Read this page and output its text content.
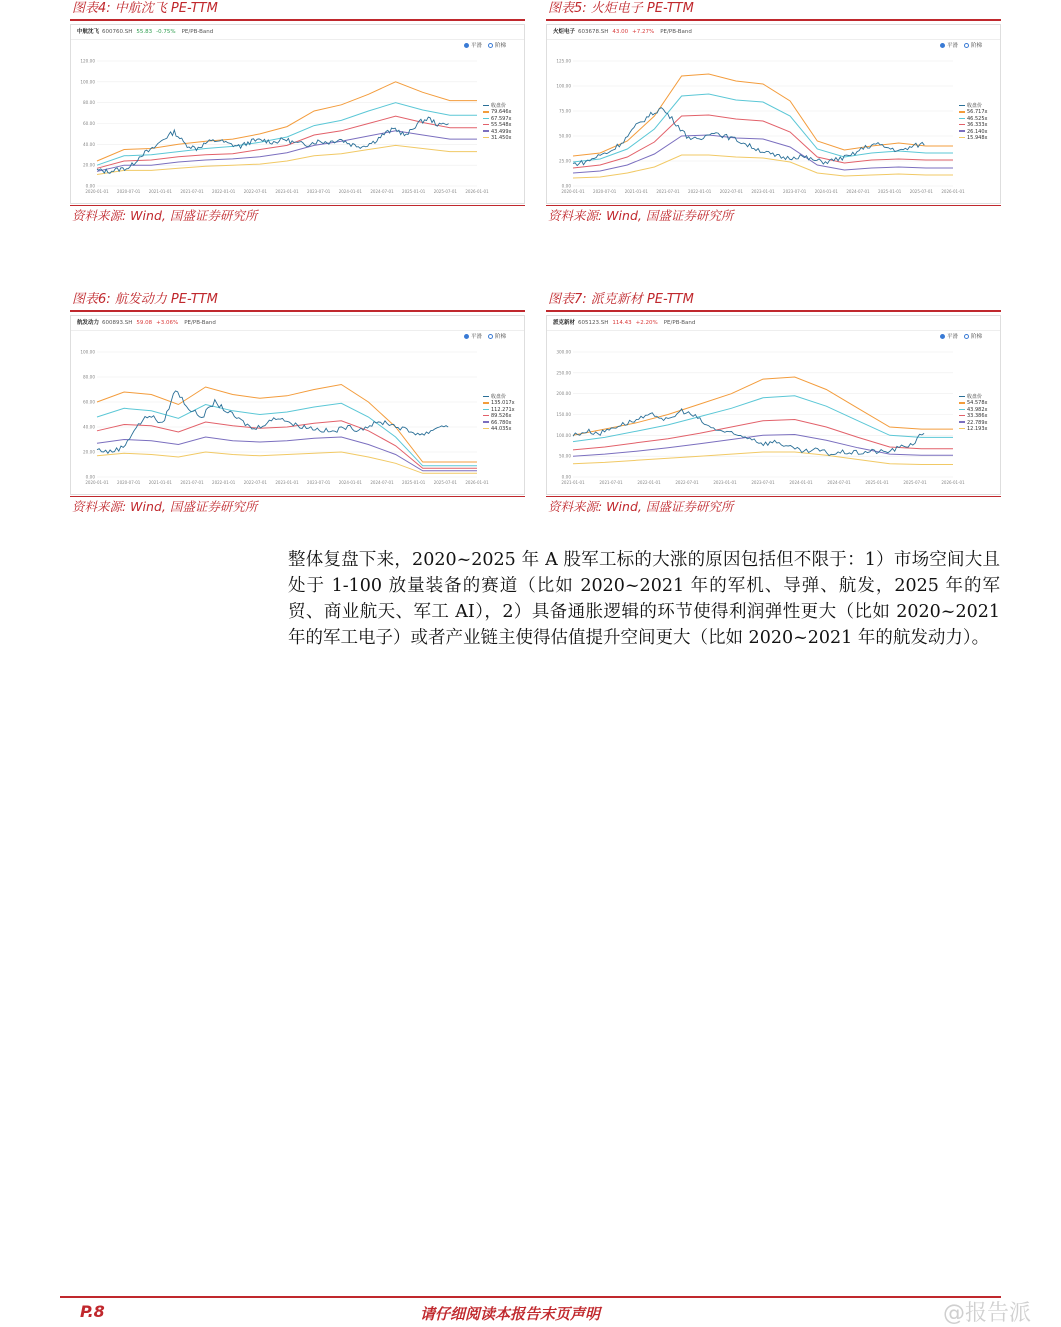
图表4: 中航沈飞 PE-TTM
中航沈飞 600760.SH 55.83 -0.75% PE/PB-Band
平滑 阶梯
120.00
100.00
80.00
60.00
40.00
20.00
0.00
2020-01-01 2020-07-01 2021-01-01 2021-07-01 2022-01-01 2022-07-01 2023-01-01 2023-07-01 2024-01-01 2024-07-01 2025-01-01 2025-07-01 2026-01-01
收盘价
79.646x
67.597x
55.548x
43.499x
31.450x
资料来源: Wind, 国盛证券研究所
图表5: 火炬电子 PE-TTM
火炬电子 603678.SH 43.00 +7.27% PE/PB-Band
平滑 阶梯
125.00
100.00
75.00
50.00
25.00
0.00
2020-01-01 2020-07-01 2021-01-01 2021-07-01 2022-01-01 2022-07-01 2023-01-01 2023-07-01 2024-01-01 2024-07-01 2025-01-01 2025-07-01 2026-01-01
收盘价
56.717x
46.525x
36.333x
26.140x
15.948x
资料来源: Wind, 国盛证券研究所
图表6: 航发动力 PE-TTM
航发动力 600893.SH 59.08 +3.06% PE/PB-Band
平滑 阶梯
100.00
80.00
60.00
40.00
20.00
0.00
2020-01-01 2020-07-01 2021-01-01 2021-07-01 2022-01-01 2022-07-01 2023-01-01 2023-07-01 2024-01-01 2024-07-01 2025-01-01 2025-07-01 2026-01-01
收盘价
135.017x
112.271x
89.526x
66.780x
44.035x
资料来源: Wind, 国盛证券研究所
图表7: 派克新材 PE-TTM
派克新材 605123.SH 114.43 +2.20% PE/PB-Band
平滑 阶梯
300.00
250.00
200.00
150.00
100.00
50.00
0.00
2021-01-01	2021-07-01	2022-01-01	2022-07-01	2023-01-01	2023-07-01	2024-01-01	2024-07-01	2025-01-01	2025-07-01	2026-01-01
收盘价
54.578x
43.982x
33.386x
22.789x
12.193x
资料来源: Wind, 国盛证券研究所
整体复盘下来，2020~2025 年 A 股军工标的大涨的原因包括但不限于：1）市场空间大且处于 1-100 放量装备的赛道（比如 2020~2021 年的军机、导弹、航发，2025 年的军贸、商业航天、军工 AI），2）具备通胀逻辑的环节使得利润弹性更大（比如 2020~2021 年的军工电子）或者产业链主使得估值提升空间更大（比如 2020~2021 年的航发动力）。
P.8	请仔细阅读本报告末页声明	@报告派
